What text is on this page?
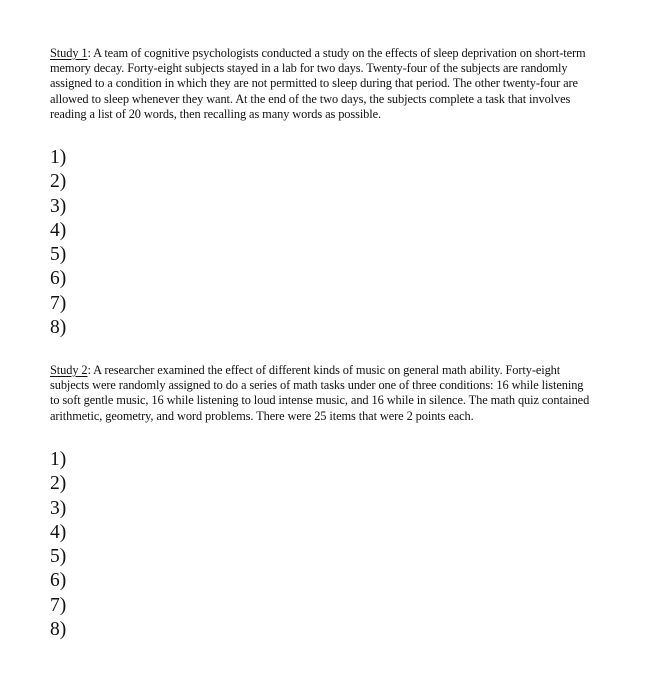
Study 1: A team of cognitive psychologists conducted a study on the effects of sleep deprivation on short-term memory decay. Forty-eight subjects stayed in a lab for two days. Twenty-four of the subjects are randomly assigned to a condition in which they are not permitted to sleep during that period. The other twenty-four are allowed to sleep whenever they want. At the end of the two days, the subjects complete a task that involves reading a list of 20 words, then recalling as many words as possible.

1)
2)
3)
4)
5)
6)
7)
8)

Study 2: A researcher examined the effect of different kinds of music on general math ability. Forty-eight subjects were randomly assigned to do a series of math tasks under one of three conditions: 16 while listening to soft gentle music, 16 while listening to loud intense music, and 16 while in silence. The math quiz contained arithmetic, geometry, and word problems. There were 25 items that were 2 points each.

1)
2)
3)
4)
5)
6)
7)
8)
